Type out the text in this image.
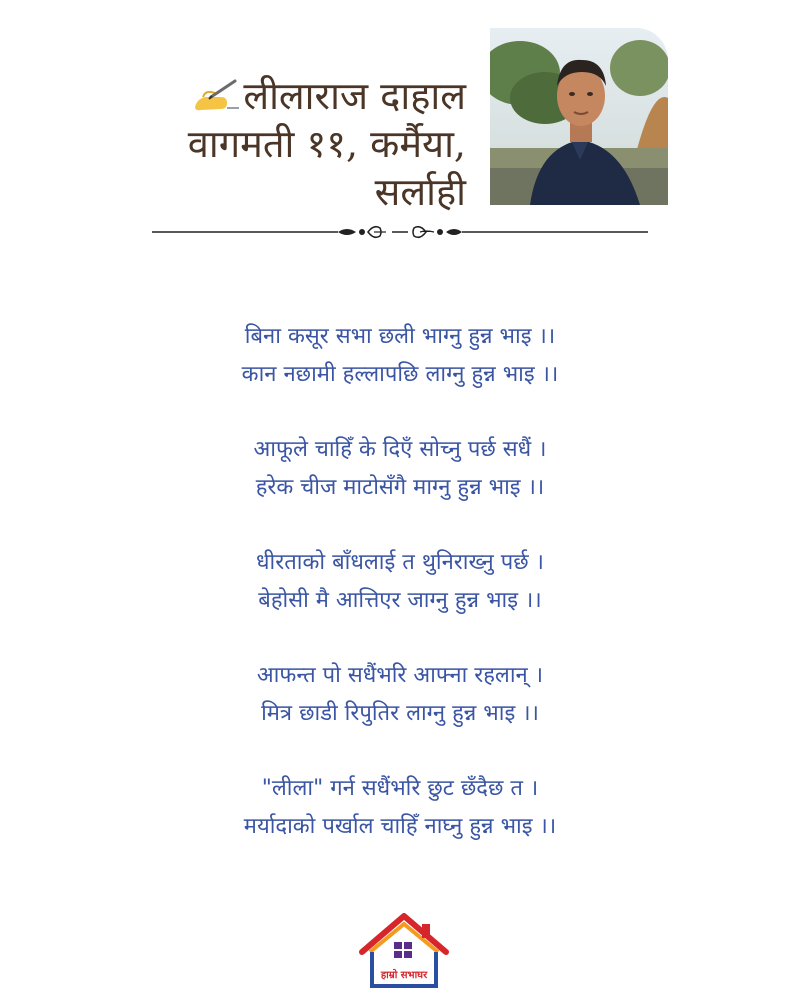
लीलाराज दाहाल
वागमती ११, कर्मैया,
सर्लाही
बिना कसूर सभा छली भाग्नु हुन्न भाइ ।।
कान नछामी हल्लापछि लाग्नु हुन्न भाइ ।।
आफूले चाहिँ के दिएँ सोच्नु पर्छ सधैं ।
हरेक चीज माटोसँगै माग्नु हुन्न भाइ ।।
धीरताको बाँधलाई त थुनिराख्नु पर्छ ।
बेहोसी मै आत्तिएर जाग्नु हुन्न भाइ ।।
आफन्त पो सधैंभरि आफ्ना रहलान् ।
मित्र छाडी रिपुतिर लाग्नु हुन्न भाइ ।।
"लीला" गर्न सधैंभरि छुट छँदैछ त ।
मर्यादाको पर्खाल चाहिँ नाघ्नु हुन्न भाइ ।।
हाम्रो सभाघर
